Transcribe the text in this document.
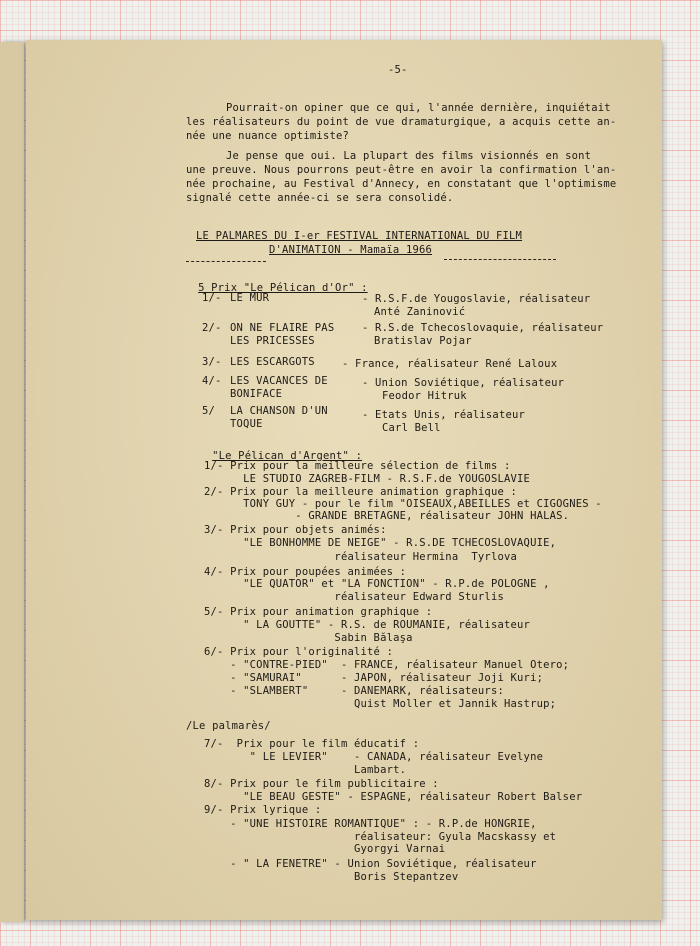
-5-
Pourrait-on opiner que ce qui, l'année dernière, inquiétait
les réalisateurs du point de vue dramaturgique, a acquis cette an-
née une nuance optimiste?
Je pense que oui. La plupart des films visionnés en sont
une preuve. Nous pourrons peut-être en avoir la confirmation l'an-
née prochaine, au Festival d'Annecy, en constatant que l'optimisme
signalé cette année-ci se sera consolidé.
LE PALMARES DU I-er FESTIVAL INTERNATIONAL DU FILM
D'ANIMATION - Mamaïa 1966

5 Prix "Le Pélican d'Or" :

1/- LE MUR	- R.S.F.de Yougoslavie, réalisateur
Anté Zaninović
2/- ON NE FLAIRE PAS
LES PRICESSES
- R.S.de Tchecoslovaquie, réalisateur
Bratislav Pojar
3/- LES ESCARGOTS	- France, réalisateur René Laloux
4/- LES VACANCES DE
BONIFACE
- Union Soviétique, réalisateur
Feodor Hitruk
5/ LA CHANSON D'UN
TOQUE
- Etats Unis, réalisateur
Carl Bell

"Le Pélican d'Argent" :

1/- Prix pour la meilleure sélection de films :
LE STUDIO ZAGREB-FILM - R.S.F.de YOUGOSLAVIE
2/- Prix pour la meilleure animation graphique :
TONY GUY - pour le film "OISEAUX,ABEILLES et CIGOGNES -
- GRANDE BRETAGNE, réalisateur JOHN HALAS.
3/- Prix pour objets animés:
"LE BONHOMME DE NEIGE" - R.S.DE TCHECOSLOVAQUIE,
réalisateur Hermina  Tyrlova
4/- Prix pour poupées animées :
"LE QUATOR" et "LA FONCTION" - R.P.de POLOGNE ,
réalisateur Edward Sturlis
5/- Prix pour animation graphique :
" LA GOUTTE" - R.S. de ROUMANIE, réalisateur
Sabin Bălaşa
6/- Prix pour l'originalité :
- "CONTRE-PIED"  - FRANCE, réalisateur Manuel Otero;
- "SAMURAI"      - JAPON, réalisateur Joji Kuri;
- "SLAMBERT"     - DANEMARK, réalisateurs:
Quist Moller et Jannik Hastrup;
/Le palmarès/
7/-  Prix pour le film éducatif :
" LE LEVIER"    - CANADA, réalisateur Evelyne
Lambart.
8/- Prix pour le film publicitaire :
"LE BEAU GESTE" - ESPAGNE, réalisateur Robert Balser
9/- Prix lyrique :
- "UNE HISTOIRE ROMANTIQUE" : - R.P.de HONGRIE,
réalisateur: Gyula Macskassy et
Gyorgyi Varnai
- " LA FENETRE" - Union Soviétique, réalisateur
Boris Stepantzev
